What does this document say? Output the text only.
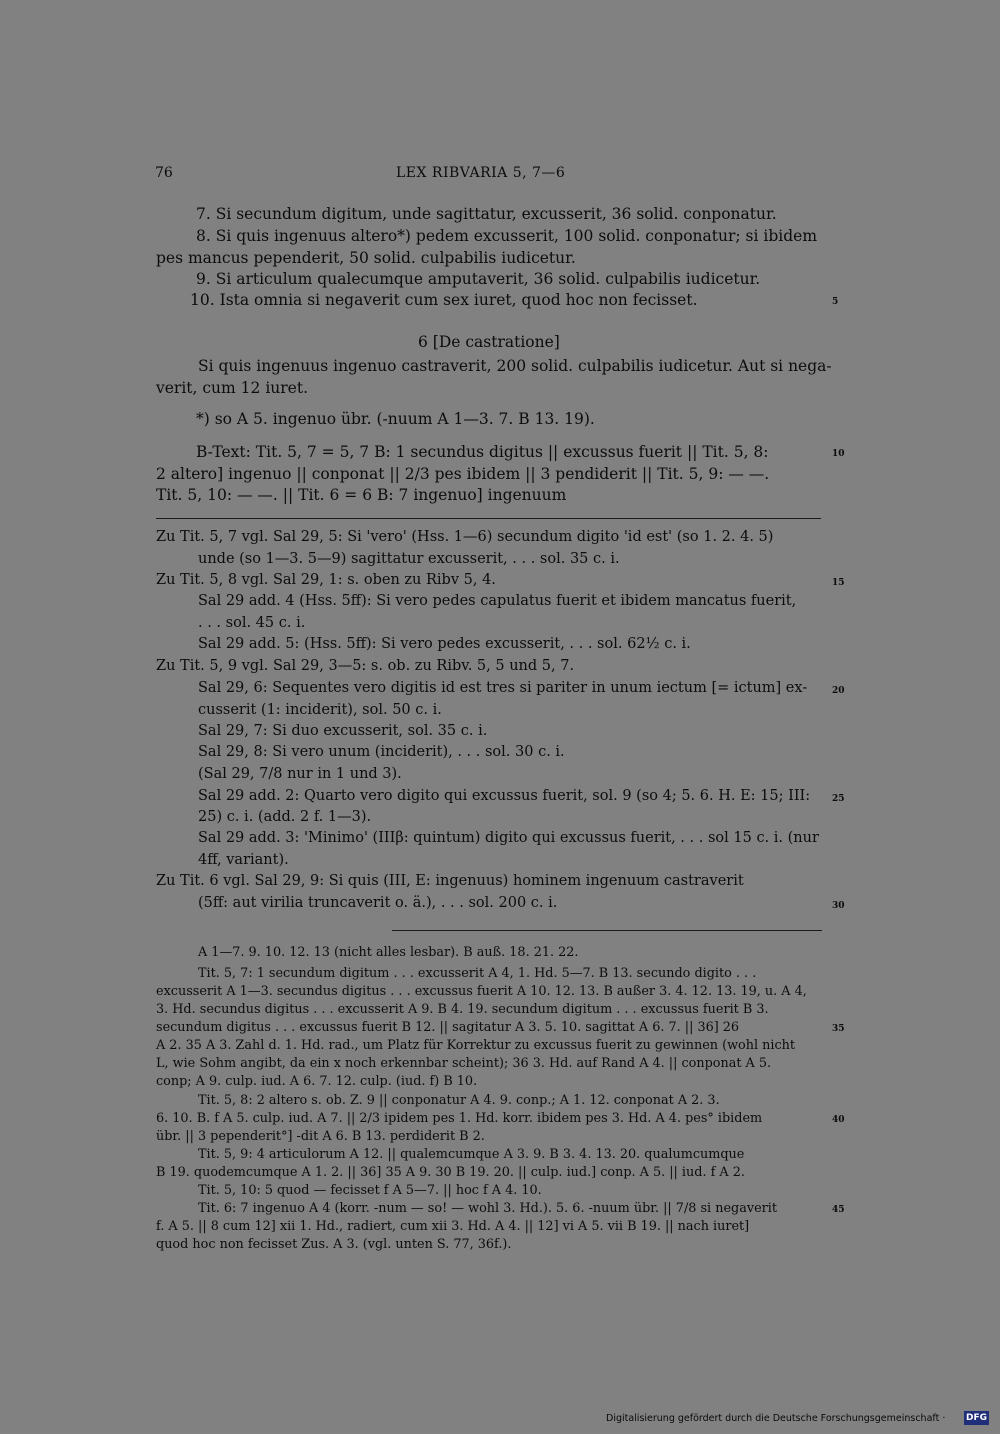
76	LEX RIBVARIA 5, 7—6
7. Si secundum digitum, unde sagittatur, excusserit, 36 solid. conponatur.
8. Si quis ingenuus altero*) pedem excusserit, 100 solid. conponatur; si ibidem
pes mancus pependerit, 50 solid. culpabilis iudicetur.
9. Si articulum qualecumque amputaverit, 36 solid. culpabilis iudicetur.
10. Ista omnia si negaverit cum sex iuret, quod hoc non fecisset.
6 [De castratione]
Si quis ingenuus ingenuo castraverit, 200 solid. culpabilis iudicetur. Aut si nega-
verit, cum 12 iuret.
*) so A 5. ingenuo übr. (-nuum A 1—3. 7. B 13. 19).
B-Text: Tit. 5, 7 = 5, 7 B: 1 secundus digitus || excussus fuerit || Tit. 5, 8:
2 altero] ingenuo || conponat || 2/3 pes ibidem || 3 pendiderit || Tit. 5, 9: — —.
Tit. 5, 10: — —. || Tit. 6 = 6 B: 7 ingenuo] ingenuum
Zu Tit. 5, 7 vgl. Sal 29, 5: Si 'vero' (Hss. 1—6) secundum digito 'id est' (so 1. 2. 4. 5)
unde (so 1—3. 5—9) sagittatur excusserit, . . . sol. 35 c. i.
Zu Tit. 5, 8 vgl. Sal 29, 1: s. oben zu Ribv 5, 4.
Sal 29 add. 4 (Hss. 5ff): Si vero pedes capulatus fuerit et ibidem mancatus fuerit,
. . . sol. 45 c. i.
Sal 29 add. 5: (Hss. 5ff): Si vero pedes excusserit, . . . sol. 62½ c. i.
Zu Tit. 5, 9 vgl. Sal 29, 3—5: s. ob. zu Ribv. 5, 5 und 5, 7.
Sal 29, 6: Sequentes vero digitis id est tres si pariter in unum iectum [= ictum] ex-
cusserit (1: inciderit), sol. 50 c. i.
Sal 29, 7: Si duo excusserit, sol. 35 c. i.
Sal 29, 8: Si vero unum (inciderit), . . . sol. 30 c. i.
(Sal 29, 7/8 nur in 1 und 3).
Sal 29 add. 2: Quarto vero digito qui excussus fuerit, sol. 9 (so 4; 5. 6. H. E: 15; III:
25) c. i. (add. 2 f. 1—3).
Sal 29 add. 3: 'Minimo' (IIIβ: quintum) digito qui excussus fuerit, . . . sol 15 c. i. (nur
4ff, variant).
Zu Tit. 6 vgl. Sal 29, 9: Si quis (III, E: ingenuus) hominem ingenuum castraverit
(5ff: aut virilia truncaverit o. ä.), . . . sol. 200 c. i.
A 1—7. 9. 10. 12. 13 (nicht alles lesbar). B auß. 18. 21. 22.
Tit. 5, 7: 1 secundum digitum . . . excusserit A 4, 1. Hd. 5—7. B 13. secundo digito . . .
excusserit A 1—3. secundus digitus . . . excussus fuerit A 10. 12. 13. B außer 3. 4. 12. 13. 19, u. A 4,
3. Hd. secundus digitus . . . excusserit A 9. B 4. 19. secundum digitum . . . excussus fuerit B 3.
secundum digitus . . . excussus fuerit B 12. || sagitatur A 3. 5. 10. sagittat A 6. 7. || 36] 26
A 2. 35 A 3. Zahl d. 1. Hd. rad., um Platz für Korrektur zu excussus fuerit zu gewinnen (wohl nicht
L, wie Sohm angibt, da ein x noch erkennbar scheint); 36 3. Hd. auf Rand A 4. || conponat A 5.
conp; A 9. culp. iud. A 6. 7. 12. culp. (iud. f) B 10.
Tit. 5, 8: 2 altero s. ob. Z. 9 || conponatur A 4. 9. conp.; A 1. 12. conponat A 2. 3.
6. 10. B. f A 5. culp. iud. A 7. || 2/3 ipidem pes 1. Hd. korr. ibidem pes 3. Hd. A 4. pes° ibidem
übr. || 3 pependerit°] -dit A 6. B 13. perdiderit B 2.
Tit. 5, 9: 4 articulorum A 12. || qualemcumque A 3. 9. B 3. 4. 13. 20. qualumcumque
B 19. quodemcumque A 1. 2. || 36] 35 A 9. 30 B 19. 20. || culp. iud.] conp. A 5. || iud. f A 2.
Tit. 5, 10: 5 quod — fecisset f A 5—7. || hoc f A 4. 10.
Tit. 6: 7 ingenuo A 4 (korr. -num — so! — wohl 3. Hd.). 5. 6. -nuum übr. || 7/8 si negaverit
f. A 5. || 8 cum 12] xii 1. Hd., radiert, cum xii 3. Hd. A 4. || 12] vi A 5. vii B 19. || nach iuret]
quod hoc non fecisset Zus. A 3. (vgl. unten S. 77, 36f.).
5
10
15
20
25
30
35
40
45
Digitalisierung gefördert durch die Deutsche Forschungsgemeinschaft · DFG
